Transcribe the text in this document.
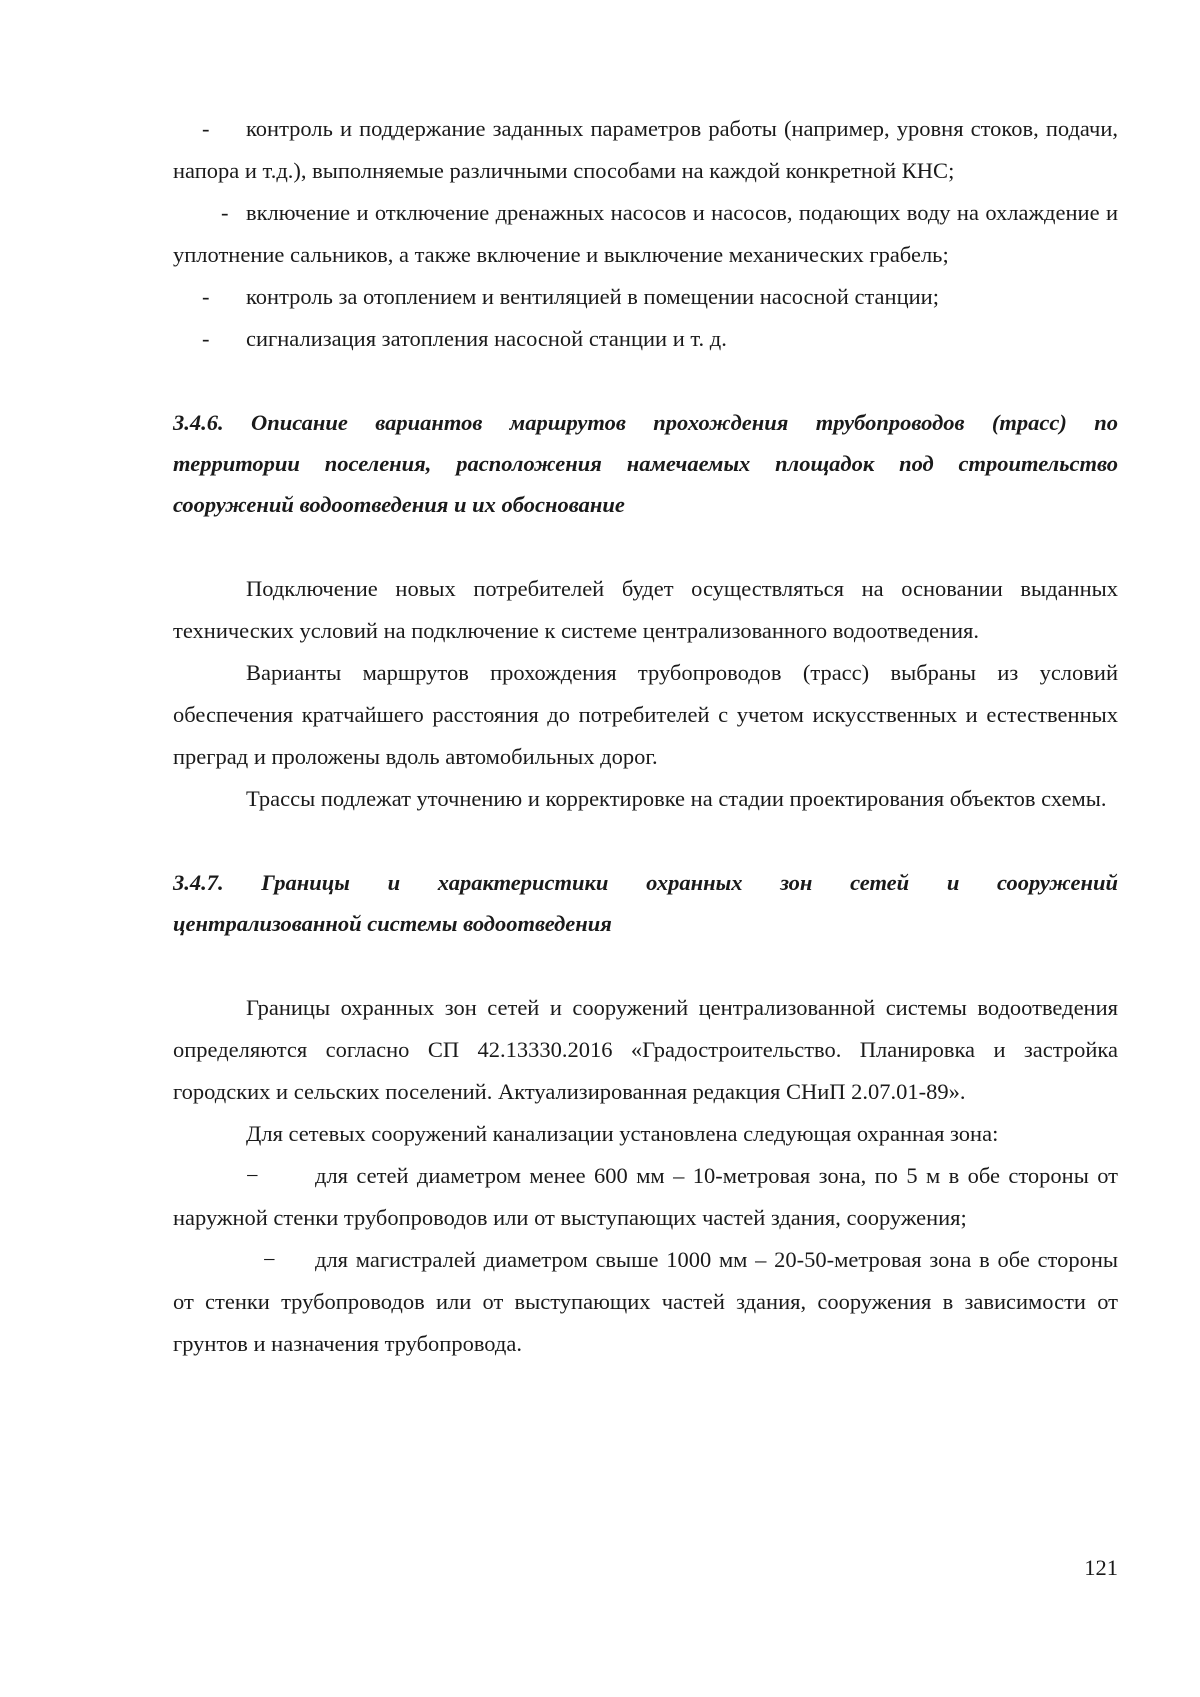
- контроль и поддержание заданных параметров работы (например, уровня стоков, подачи, напора и т.д.), выполняемые различными способами на каждой конкретной КНС;

- включение и отключение дренажных насосов и насосов, подающих воду на охлаждение и уплотнение сальников, а также включение и выключение механических грабель;

- контроль за отоплением и вентиляцией в помещении насосной станции;

- сигнализация затопления насосной станции и т. д.

3.4.6. Описание вариантов маршрутов прохождения трубопроводов (трасс) по
территории поселения, расположения намечаемых площадок под строительство
сооружений водоотведения и их обоснование

Подключение новых потребителей будет осуществляться на основании выданных технических условий на подключение к системе централизованного водоотведения.

Варианты маршрутов прохождения трубопроводов (трасс) выбраны из условий обеспечения кратчайшего расстояния до потребителей с учетом искусственных и естественных преград и проложены вдоль автомобильных дорог.

Трассы подлежат уточнению и корректировке на стадии проектирования объектов схемы.

3.4.7. Границы и характеристики охранных зон сетей и сооружений
централизованной системы водоотведения

Границы охранных зон сетей и сооружений централизованной системы водоотведения определяются согласно СП 42.13330.2016 «Градостроительство. Планировка и застройка городских и сельских поселений. Актуализированная редакция СНиП 2.07.01-89».

Для сетевых сооружений канализации установлена следующая охранная зона:

−	для сетей диаметром менее 600 мм – 10-метровая зона, по 5 м в обе стороны от наружной стенки трубопроводов или от выступающих частей здания, сооружения;

− для магистралей диаметром свыше 1000 мм – 20-50-метровая зона в обе стороны от стенки трубопроводов или от выступающих частей здания, сооружения в зависимости от грунтов и назначения трубопровода.

121
